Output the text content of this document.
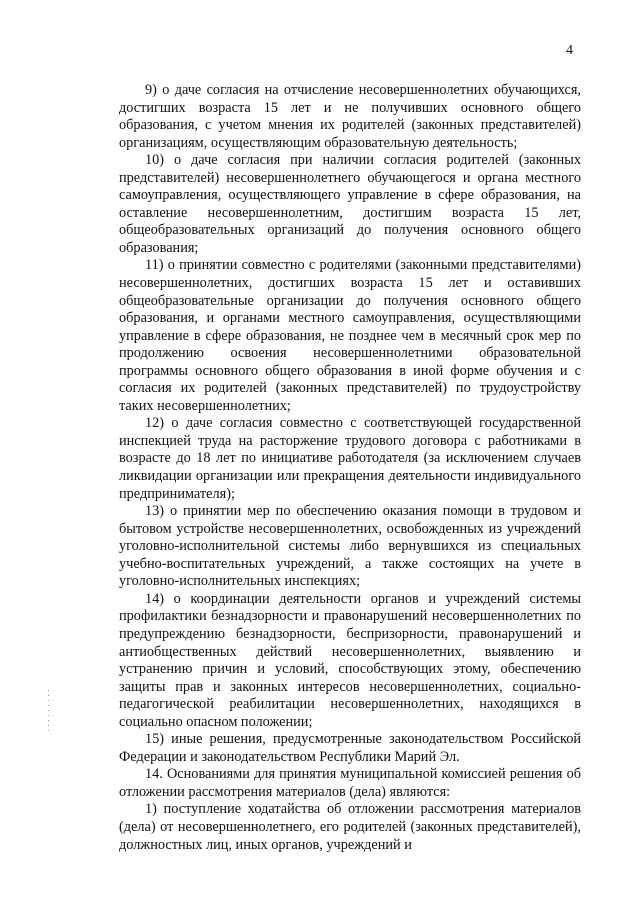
4

9) о даче согласия на отчисление несовершеннолетних обучающихся, достигших возраста 15 лет и не получивших основного общего образования, с учетом мнения их родителей (законных представителей) организациям, осуществляющим образовательную деятельность;

10) о даче согласия при наличии согласия родителей (законных представителей) несовершеннолетнего обучающегося и органа местного самоуправления, осуществляющего управление в сфере образования, на оставление несовершеннолетним, достигшим возраста 15 лет, общеобразовательных организаций до получения основного общего образования;

11) о принятии совместно с родителями (законными представителями) несовершеннолетних, достигших возраста 15 лет и оставивших общеобразовательные организации до получения основного общего образования, и органами местного самоуправления, осуществляющими управление в сфере образования, не позднее чем в месячный срок мер по продолжению освоения несовершеннолетними образовательной программы основного общего образования в иной форме обучения и с согласия их родителей (законных представителей) по трудоустройству таких несовершеннолетних;

12) о даче согласия совместно с соответствующей государственной инспекцией труда на расторжение трудового договора с работниками в возрасте до 18 лет по инициативе работодателя (за исключением случаев ликвидации организации или прекращения деятельности индивидуального предпринимателя);

13) о принятии мер по обеспечению оказания помощи в трудовом и бытовом устройстве несовершеннолетних, освобожденных из учреждений уголовно-исполнительной системы либо вернувшихся из специальных учебно-воспитательных учреждений, а также состоящих на учете в уголовно-исполнительных инспекциях;

14) о координации деятельности органов и учреждений системы профилактики безнадзорности и правонарушений несовершеннолетних по предупреждению безнадзорности, беспризорности, правонарушений и антиобщественных действий несовершеннолетних, выявлению и устранению причин и условий, способствующих этому, обеспечению защиты прав и законных интересов несовершеннолетних, социально-педагогической реабилитации несовершеннолетних, находящихся в социально опасном положении;

15) иные решения, предусмотренные законодательством Российской Федерации и законодательством Республики Марий Эл.

14. Основаниями для принятия муниципальной комиссией решения об отложении рассмотрения материалов (дела) являются:

1) поступление ходатайства об отложении рассмотрения материалов (дела) от несовершеннолетнего, его родителей (законных представителей), должностных лиц, иных органов, учреждений и
